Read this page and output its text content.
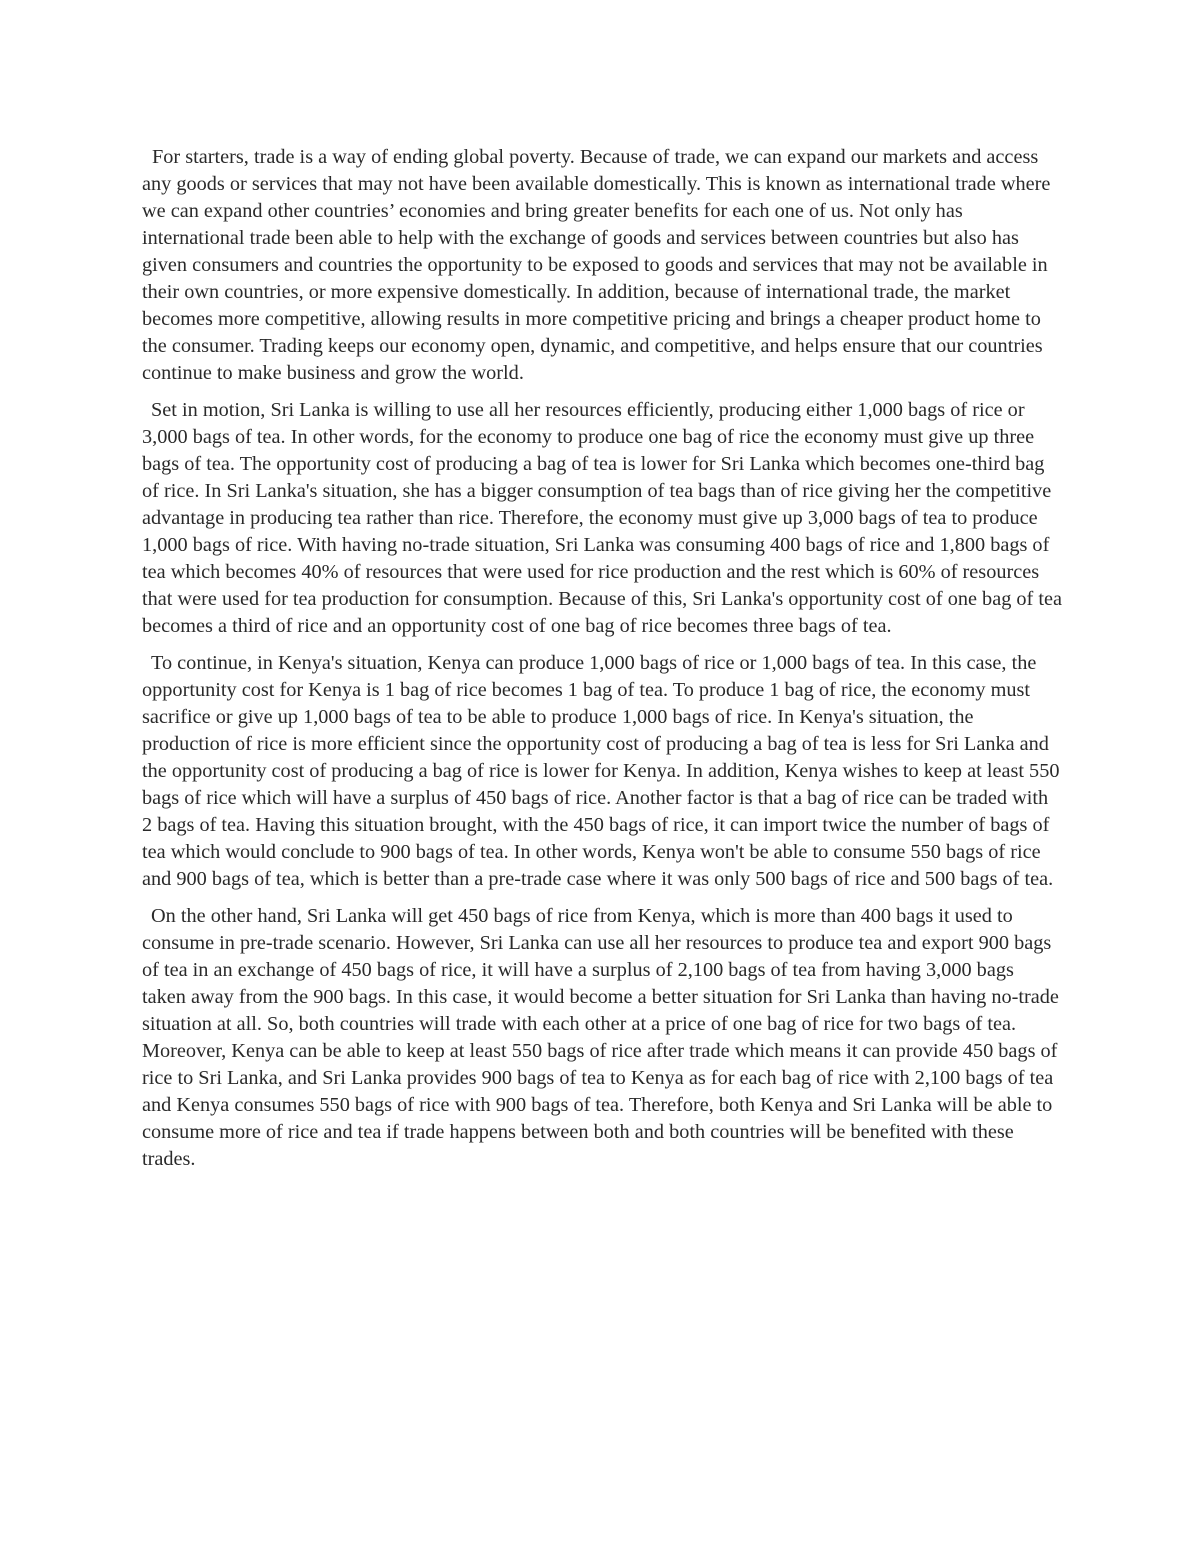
For starters, trade is a way of ending global poverty. Because of trade, we can expand our markets and access any goods or services that may not have been available domestically. This is known as international trade where we can expand other countries’ economies and bring greater benefits for each one of us. Not only has international trade been able to help with the exchange of goods and services between countries but also has given consumers and countries the opportunity to be exposed to goods and services that may not be available in their own countries, or more expensive domestically. In addition, because of international trade, the market becomes more competitive, allowing results in more competitive pricing and brings a cheaper product home to the consumer. Trading keeps our economy open, dynamic, and competitive, and helps ensure that our countries continue to make business and grow the world.

Set in motion, Sri Lanka is willing to use all her resources efficiently, producing either 1,000 bags of rice or 3,000 bags of tea. In other words, for the economy to produce one bag of rice the economy must give up three bags of tea. The opportunity cost of producing a bag of tea is lower for Sri Lanka which becomes one-third bag of rice. In Sri Lanka's situation, she has a bigger consumption of tea bags than of rice giving her the competitive advantage in producing tea rather than rice. Therefore, the economy must give up 3,000 bags of tea to produce 1,000 bags of rice. With having no-trade situation, Sri Lanka was consuming 400 bags of rice and 1,800 bags of tea which becomes 40% of resources that were used for rice production and the rest which is 60% of resources that were used for tea production for consumption. Because of this, Sri Lanka's opportunity cost of one bag of tea becomes a third of rice and an opportunity cost of one bag of rice becomes three bags of tea.

To continue, in Kenya's situation, Kenya can produce 1,000 bags of rice or 1,000 bags of tea. In this case, the opportunity cost for Kenya is 1 bag of rice becomes 1 bag of tea. To produce 1 bag of rice, the economy must sacrifice or give up 1,000 bags of tea to be able to produce 1,000 bags of rice. In Kenya's situation, the production of rice is more efficient since the opportunity cost of producing a bag of tea is less for Sri Lanka and the opportunity cost of producing a bag of rice is lower for Kenya. In addition, Kenya wishes to keep at least 550 bags of rice which will have a surplus of 450 bags of rice. Another factor is that a bag of rice can be traded with 2 bags of tea. Having this situation brought, with the 450 bags of rice, it can import twice the number of bags of tea which would conclude to 900 bags of tea. In other words, Kenya won't be able to consume 550 bags of rice and 900 bags of tea, which is better than a pre-trade case where it was only 500 bags of rice and 500 bags of tea.

On the other hand, Sri Lanka will get 450 bags of rice from Kenya, which is more than 400 bags it used to consume in pre-trade scenario. However, Sri Lanka can use all her resources to produce tea and export 900 bags of tea in an exchange of 450 bags of rice, it will have a surplus of 2,100 bags of tea from having 3,000 bags taken away from the 900 bags. In this case, it would become a better situation for Sri Lanka than having no-trade situation at all. So, both countries will trade with each other at a price of one bag of rice for two bags of tea. Moreover, Kenya can be able to keep at least 550 bags of rice after trade which means it can provide 450 bags of rice to Sri Lanka, and Sri Lanka provides 900 bags of tea to Kenya as for each bag of rice with 2,100 bags of tea and Kenya consumes 550 bags of rice with 900 bags of tea. Therefore, both Kenya and Sri Lanka will be able to consume more of rice and tea if trade happens between both and both countries will be benefited with these trades.
